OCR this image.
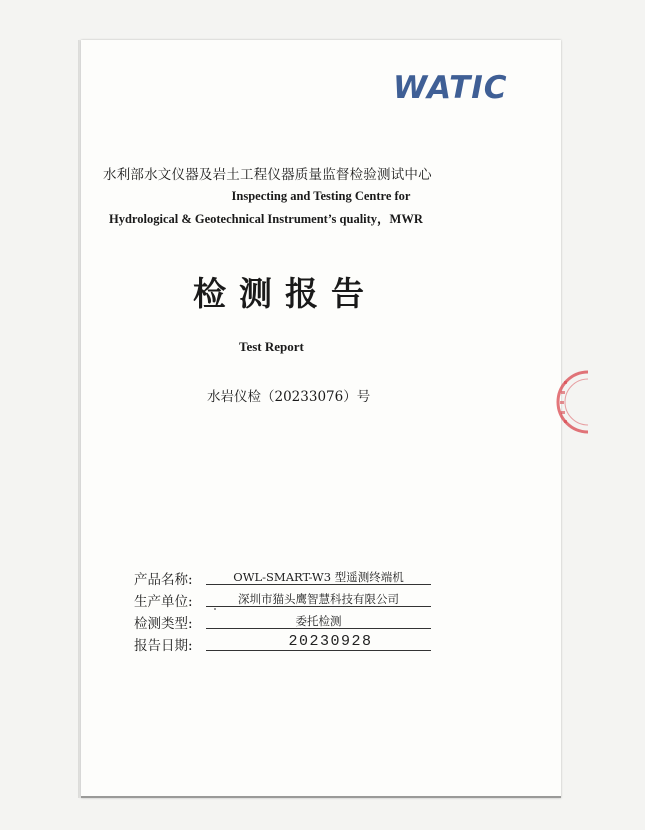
WATIC
水利部水文仪器及岩土工程仪器质量监督检验测试中心
Inspecting and Testing Centre for
Hydrological & Geotechnical Instrument’s quality，MWR
检测报告
Test Report
水岩仪检（20233076）号
产品名称:	OWL-SMART-W3 型遥测终端机
生产单位:	深圳市猫头鹰智慧科技有限公司
检测类型:	委托检测
报告日期:	20230928
